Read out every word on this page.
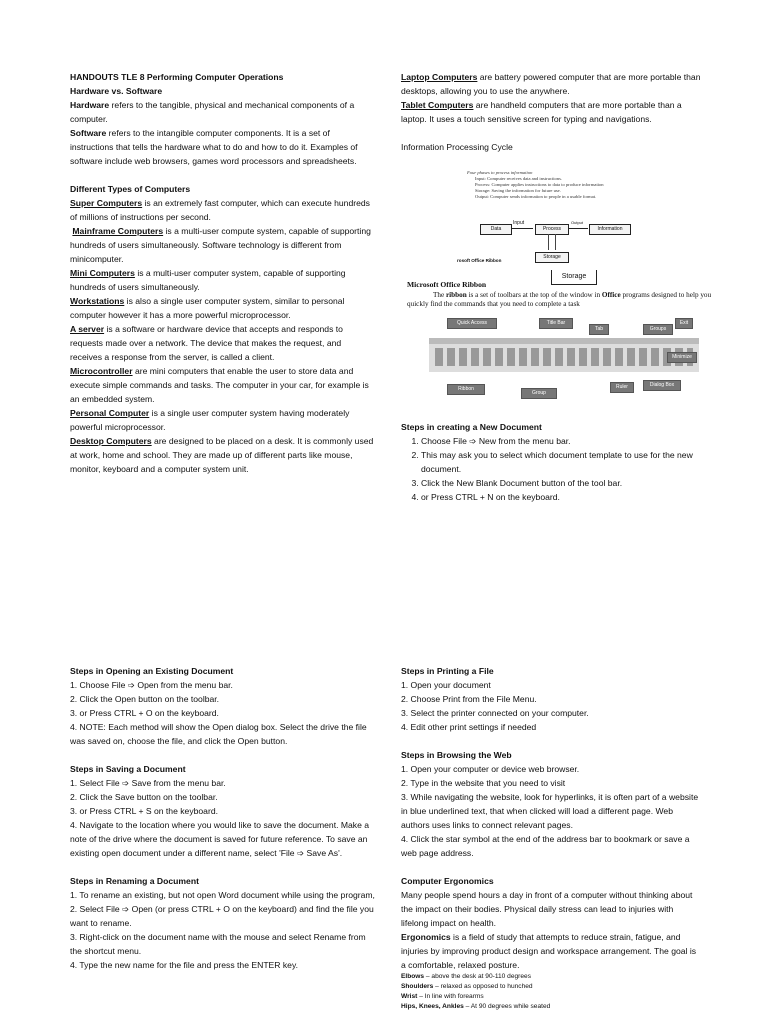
HANDOUTS TLE 8 Performing Computer Operations

Hardware vs. Software

Hardware refers to the tangible, physical and mechanical components of a computer.

Software refers to the intangible computer components. It is a set of instructions that tells the hardware what to do and how to do it. Examples of software include web browsers, games word processors and spreadsheets.

Different Types of Computers

Super Computers is an extremely fast computer, which can execute hundreds of millions of instructions per second.

Mainframe Computers is a multi-user compute system, capable of supporting hundreds of users simultaneously. Software technology is different from minicomputer.

Mini Computers is a multi-user computer system, capable of supporting hundreds of users simultaneously.

Workstations is also a single user computer system, similar to personal computer however it has a more powerful microprocessor.

A server is a software or hardware device that accepts and responds to requests made over a network. The device that makes the request, and receives a response from the server, is called a client.

Microcontroller are mini computers that enable the user to store data and execute simple commands and tasks. The computer in your car, for example is an embedded system.

Personal Computer is a single user computer system having moderately powerful microprocessor.

Desktop Computers are designed to be placed on a desk. It is commonly used at work, home and school. They are made up of different parts like mouse, monitor, keyboard and a computer system unit.

Laptop Computers are battery powered computer that are more portable than desktops, allowing you to use the anywhere.

Tablet Computers are handheld computers that are more portable than a laptop. It uses a touch sensitive screen for typing and navigations.

Information Processing Cycle

Four phases to process information
Input: Computer receives data and instructions.
Process: Computer applies instructions to data to produce information
Storage: Saving the information for future use.
Output: Computer sends information to people in a usable format.
Data
Input
Process
Output
Information
Storage
rosoft Office Ribbon
Storage
Microsoft Office Ribbon
The ribbon is a set of toolbars at the top of the window in Office programs designed to help you quickly find the commands that you need to complete a task
Quick Access	Title Bar
Tab	Groups
Exit
Ribbon
Group
Ruler	Dialog Box
Minimize

Steps in creating a New Document

1. Choose File ➩ New from the menu bar.
2. This may ask you to select which document template to use for the new document.
3. Click the New Blank Document button of the tool bar.
4. or Press CTRL + N on the keyboard.

Steps in Opening an Existing Document

1. Choose File ➩ Open from the menu bar.

2. Click the Open button on the toolbar.

3. or Press CTRL + O on the keyboard.

4. NOTE: Each method will show the Open dialog box. Select the drive the file was saved on, choose the file, and click the Open button.

Steps in Saving a Document

1. Select File ➩ Save from the menu bar.

2. Click the Save button on the toolbar.

3. or Press CTRL + S on the keyboard.

4. Navigate to the location where you would like to save the document. Make a note of the drive where the document is saved for future reference. To save an existing open document under a different name, select 'File ➩ Save As'.

Steps in Renaming a Document

1. To rename an existing, but not open Word document while using the program,

2. Select File ➩ Open (or press CTRL + O on the keyboard) and find the file you want to rename.

3. Right-click on the document name with the mouse and select Rename from the shortcut menu.

4. Type the new name for the file and press the ENTER key.

Steps in Printing a File

1. Open your document

2. Choose Print from the File Menu.

3. Select the printer connected on your computer.

4. Edit other print settings if needed

Steps in Browsing the Web

1. Open your computer or device web browser.

2. Type in the website that you need to visit

3. While navigating the website, look for hyperlinks, it is often part of a website in blue underlined text, that when clicked will load a different page. Web authors uses links to connect relevant pages.

4. Click the star symbol at the end of the address bar to bookmark or save a web page address.

Computer Ergonomics

Many people spend hours a day in front of a computer without thinking about the impact on their bodies. Physical daily stress can lead to injuries with lifelong impact on health.

Ergonomics is a field of study that attempts to reduce strain, fatigue, and injuries by improving product design and workspace arrangement. The goal is a comfortable, relaxed posture.

Elbows – above the desk at 90-110 degrees
Shoulders – relaxed as opposed to hunched
Wrist – In line with forearms
Hips, Knees, Ankles – At 90 degrees while seated
